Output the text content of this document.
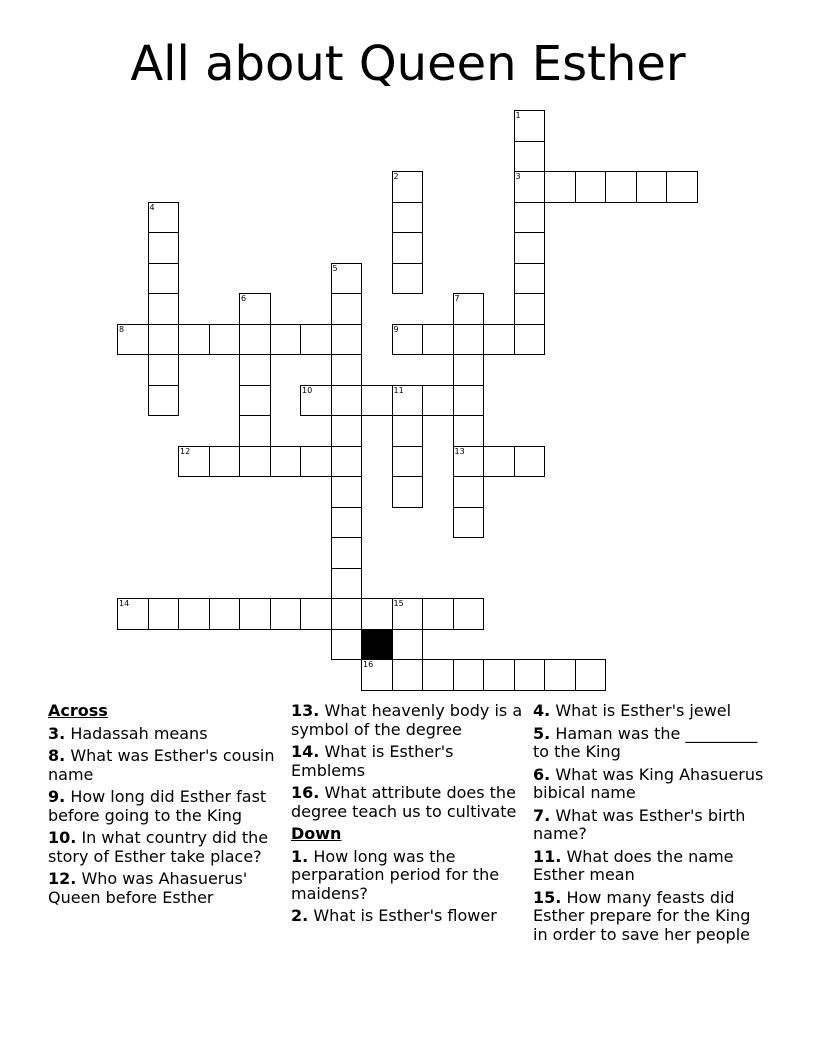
All about Queen Esther
1
2	3
4
5
6	7
8	9
10	11
12	13
14	15
16
Across
3. Hadassah means
8. What was Esther's cousin name
9. How long did Esther fast before going to the King
10. In what country did the story of Esther take place?
12. Who was Ahasuerus' Queen before Esther
13. What heavenly body is a symbol of the degree
14. What is Esther's Emblems
16. What attribute does the degree teach us to cultivate
Down
1. How long was the perparation period for the maidens?
2. What is Esther's flower
4. What is Esther's jewel
5. Haman was the _________ to the King
6. What was King Ahasuerus bibical name
7. What was Esther's birth name?
11. What does the name Esther mean
15. How many feasts did Esther prepare for the King in order to save her people
